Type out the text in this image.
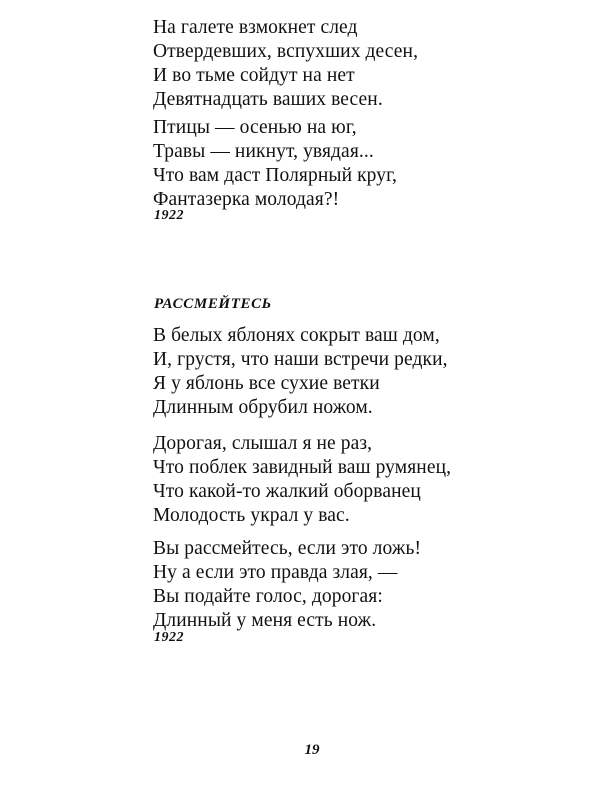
На галете взмокнет след
Отвердевших, вспухших десен,
И во тьме сойдут на нет
Девятнадцать ваших весен.
Птицы — осенью на юг,
Травы — никнут, увядая...
Что вам даст Полярный круг,
Фантазерка молодая?!
1922
РАССМЕЙТЕСЬ
В белых яблонях сокрыт ваш дом,
И, грустя, что наши встречи редки,
Я у яблонь все сухие ветки
Длинным обрубил ножом.
Дорогая, слышал я не раз,
Что поблек завидный ваш румянец,
Что какой-то жалкий оборванец
Молодость украл у вас.
Вы рассмейтесь, если это ложь!
Ну а если это правда злая, —
Вы подайте голос, дорогая:
Длинный у меня есть нож.
1922
19
